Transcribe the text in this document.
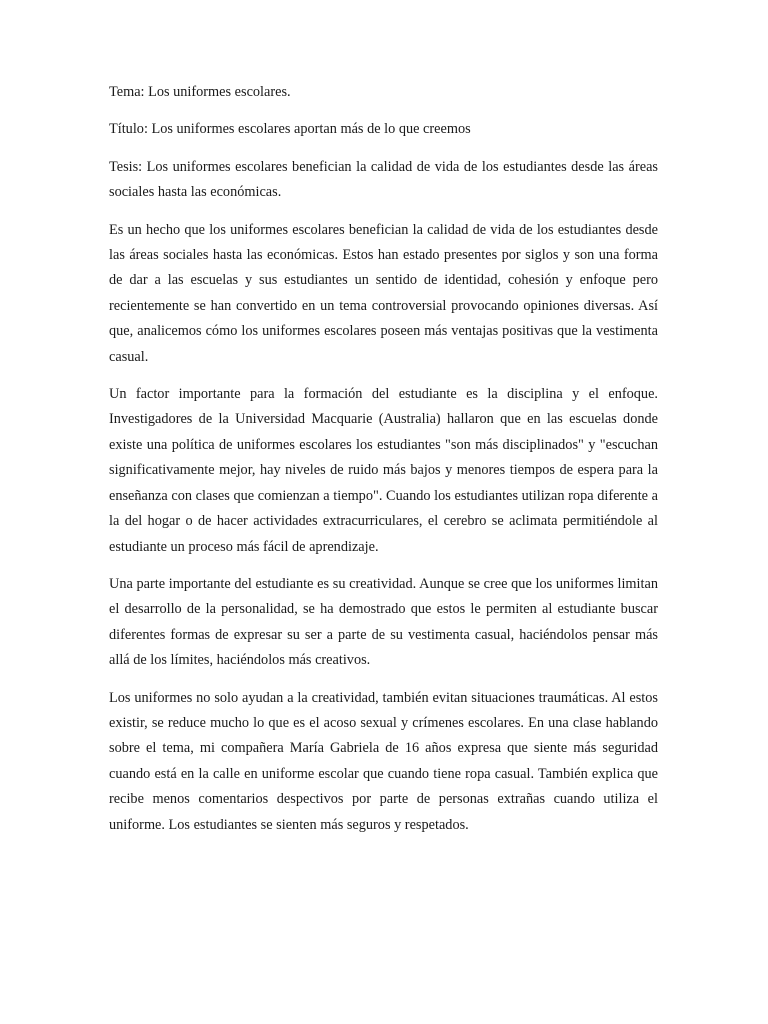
Tema: Los uniformes escolares.

Título: Los uniformes escolares aportan más de lo que creemos

Tesis: Los uniformes escolares benefician la calidad de vida de los estudiantes desde las áreas sociales hasta las económicas.

Es un hecho que los uniformes escolares benefician la calidad de vida de los estudiantes desde las áreas sociales hasta las económicas. Estos han estado presentes por siglos y son una forma de dar a las escuelas y sus estudiantes un sentido de identidad, cohesión y enfoque pero recientemente se han convertido en un tema controversial provocando opiniones diversas. Así que, analicemos cómo los uniformes escolares poseen más ventajas positivas que la vestimenta casual.

Un factor importante para la formación del estudiante es la disciplina y el enfoque. Investigadores de la Universidad Macquarie (Australia) hallaron que en las escuelas donde existe una política de uniformes escolares los estudiantes "son más disciplinados" y "escuchan significativamente mejor, hay niveles de ruido más bajos y menores tiempos de espera para la enseñanza con clases que comienzan a tiempo". Cuando los estudiantes utilizan ropa diferente a la del hogar o de hacer actividades extracurriculares, el cerebro se aclimata permitiéndole al estudiante un proceso más fácil de aprendizaje.

Una parte importante del estudiante es su creatividad. Aunque se cree que los uniformes limitan el desarrollo de la personalidad, se ha demostrado que estos le permiten al estudiante buscar diferentes formas de expresar su ser a parte de su vestimenta casual, haciéndolos pensar más allá de los límites, haciéndolos más creativos.

Los uniformes no solo ayudan a la creatividad, también evitan situaciones traumáticas. Al estos existir, se reduce mucho lo que es el acoso sexual y crímenes escolares. En una clase hablando sobre el tema, mi compañera María Gabriela de 16 años expresa que siente más seguridad cuando está en la calle en uniforme escolar que cuando tiene ropa casual. También explica que recibe menos comentarios despectivos por parte de personas extrañas cuando utiliza el uniforme. Los estudiantes se sienten más seguros y respetados.
